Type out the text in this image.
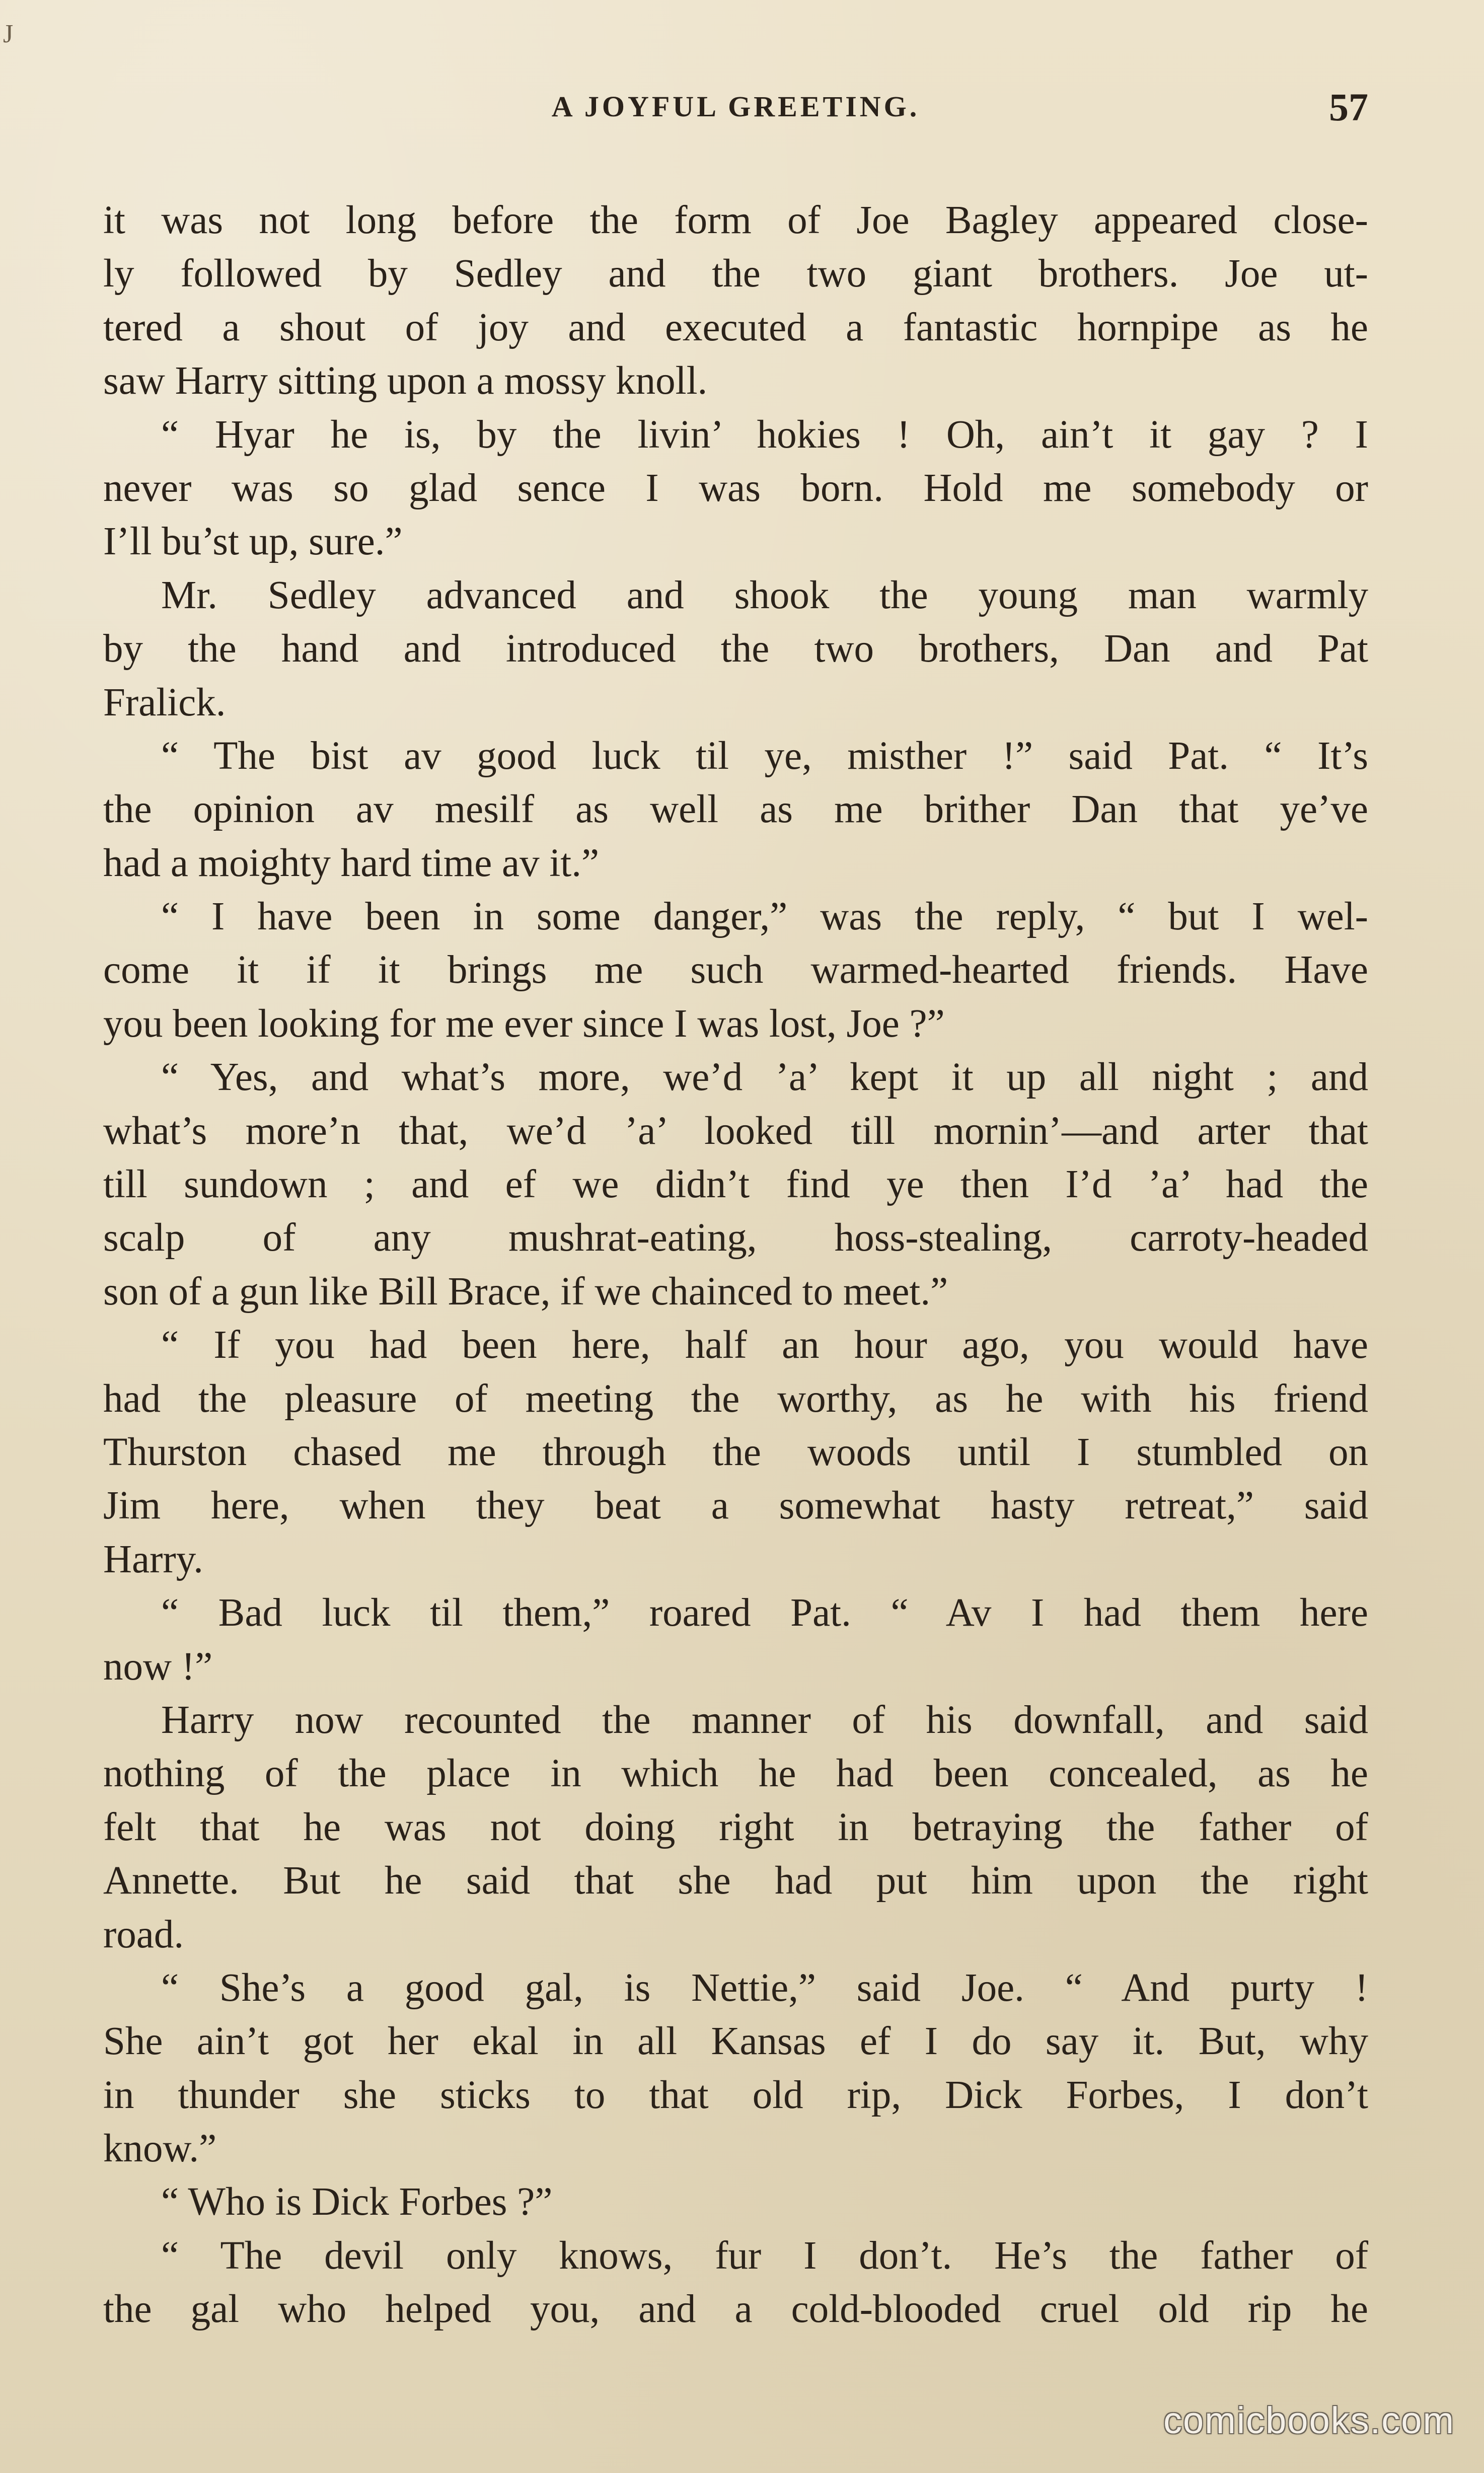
J
A JOYFUL GREETING.	57
it was not long before the form of Joe Bagley appeared close-
ly followed by Sedley and the two giant brothers. Joe ut-
tered a shout of joy and executed a fantastic hornpipe as he
saw Harry sitting upon a mossy knoll.
“ Hyar he is, by the livin’ hokies ! Oh, ain’t it gay ? I
never was so glad sence I was born. Hold me somebody or
I’ll bu’st up, sure.”
Mr. Sedley advanced and shook the young man warmly
by the hand and introduced the two brothers, Dan and Pat
Fralick.
“ The bist av good luck til ye, misther !” said Pat. “ It’s
the opinion av mesilf as well as me brither Dan that ye’ve
had a moighty hard time av it.”
“ I have been in some danger,” was the reply, “ but I wel-
come it if it brings me such warmed-hearted friends. Have
you been looking for me ever since I was lost, Joe ?”
“ Yes, and what’s more, we’d ’a’ kept it up all night ; and
what’s more’n that, we’d ’a’ looked till mornin’—and arter that
till sundown ; and ef we didn’t find ye then I’d ’a’ had the
scalp of any mushrat-eating, hoss-stealing, carroty-headed
son of a gun like Bill Brace, if we chainced to meet.”
“ If you had been here, half an hour ago, you would have
had the pleasure of meeting the worthy, as he with his friend
Thurston chased me through the woods until I stumbled on
Jim here, when they beat a somewhat hasty retreat,” said
Harry.
“ Bad luck til them,” roared Pat. “ Av I had them here
now !”
Harry now recounted the manner of his downfall, and said
nothing of the place in which he had been concealed, as he
felt that he was not doing right in betraying the father of
Annette. But he said that she had put him upon the right
road.
“ She’s a good gal, is Nettie,” said Joe. “ And purty !
She ain’t got her ekal in all Kansas ef I do say it. But, why
in thunder she sticks to that old rip, Dick Forbes, I don’t
know.”
“ Who is Dick Forbes ?”
“ The devil only knows, fur I don’t. He’s the father of
the gal who helped you, and a cold-blooded cruel old rip he
comicbooks.com
